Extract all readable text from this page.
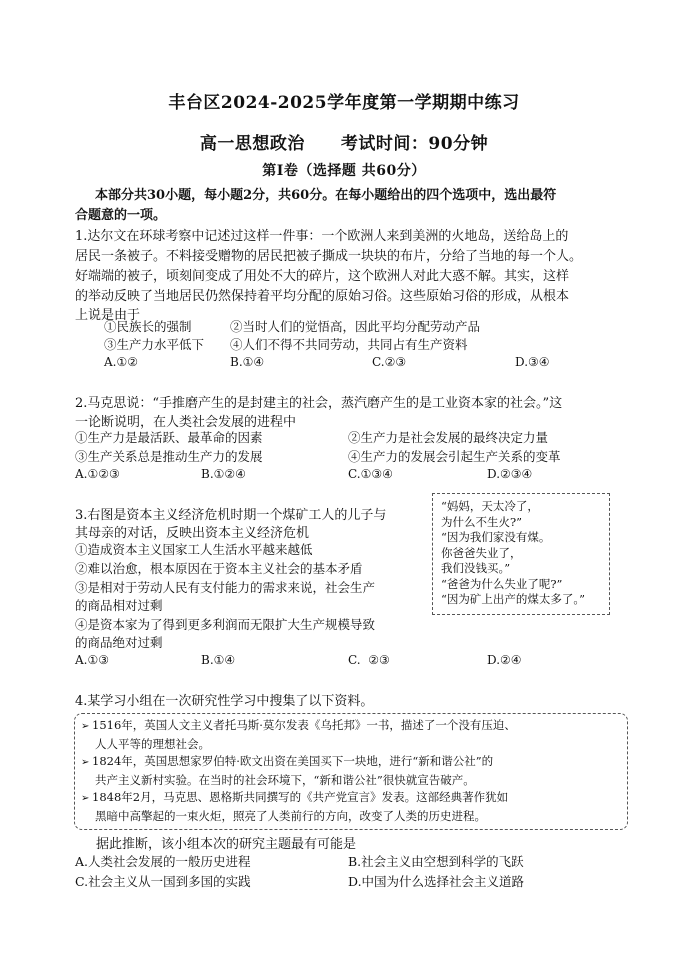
丰台区2024-2025学年度第一学期期中练习
高一思想政治 考试时间：90分钟
第Ⅰ卷（选择题 共60分）
本部分共30小题，每小题2分，共60分。在每小题给出的四个选项中，选出最符
合题意的一项。
1.达尔文在环球考察中记述过这样一件事：一个欧洲人来到美洲的火地岛，送给岛上的
居民一条被子。不料接受赠物的居民把被子撕成一块块的布片，分给了当地的每一个人。
好端端的被子，顷刻间变成了用处不大的碎片，这个欧洲人对此大惑不解。其实，这样
的举动反映了当地居民仍然保持着平均分配的原始习俗。这些原始习俗的形成，从根本
上说是由于
①民族长的强制	②当时人们的觉悟高，因此平均分配劳动产品
③生产力水平低下 ④人们不得不共同劳动，共同占有生产资料
A.①②	B.①④	C.②③	D.③④
2.马克思说：“手推磨产生的是封建主的社会，蒸汽磨产生的是工业资本家的社会。”这
一论断说明，在人类社会发展的进程中
①生产力是最活跃、最革命的因素	②生产力是社会发展的最终决定力量
③生产关系总是推动生产力的发展	④生产力的发展会引起生产关系的变革
A.①②③	B.①②④	C.①③④	D.②③④
3.右图是资本主义经济危机时期一个煤矿工人的儿子与
其母亲的对话，反映出资本主义经济危机
①造成资本主义国家工人生活水平越来越低
②难以治愈，根本原因在于资本主义社会的基本矛盾
③是相对于劳动人民有支付能力的需求来说，社会生产
的商品相对过剩
④是资本家为了得到更多利润而无限扩大生产规模导致
的商品绝对过剩
A.①③	B.①④	C.  ②③	D.②④
“妈妈，天太冷了，
为什么不生火?”
“因为我们家没有煤。
你爸爸失业了，
我们没钱买。”
“爸爸为什么失业了呢?”
“因为矿上出产的煤太多了。”
4.某学习小组在一次研究性学习中搜集了以下资料。
➢ 1516年，英国人文主义者托马斯·莫尔发表《乌托邦》一书，描述了一个没有压迫、
人人平等的理想社会。
➢ 1824年，英国思想家罗伯特·欧文出资在美国买下一块地，进行“新和谐公社”的
共产主义新村实验。在当时的社会环境下，“新和谐公社”很快就宣告破产。
➢ 1848年2月，马克思、恩格斯共同撰写的《共产党宣言》发表。这部经典著作犹如
黑暗中高擎起的一束火炬，照亮了人类前行的方向，改变了人类的历史进程。
据此推断，该小组本次的研究主题最有可能是
A.人类社会发展的一般历史进程	B.社会主义由空想到科学的飞跃
C.社会主义从一国到多国的实践	D.中国为什么选择社会主义道路
